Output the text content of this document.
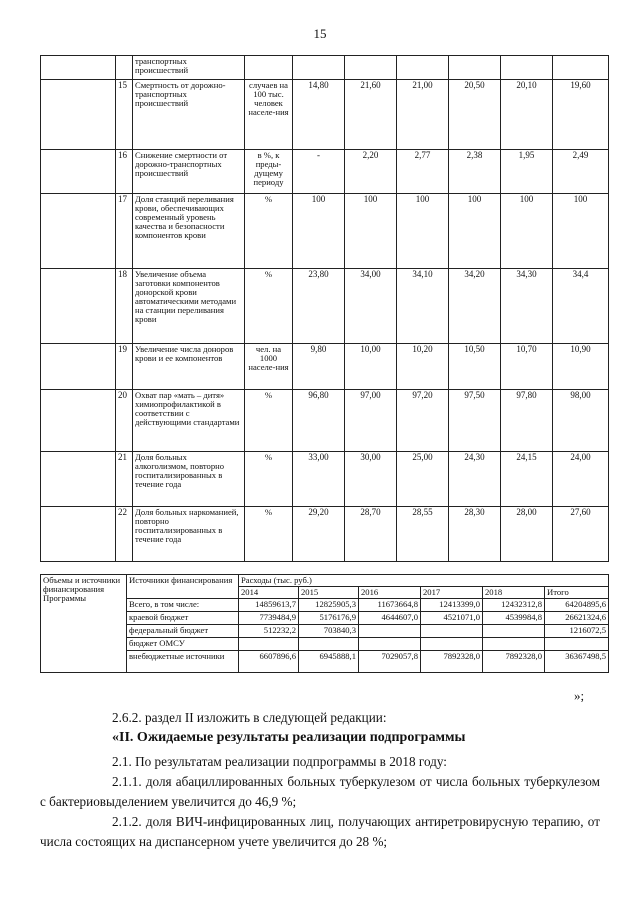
15
		транспортных происшествий							
	15	Смертность от дорожно-транспортных происшествий	случаев на 100 тыс. человек населе-ния	14,80	21,60	21,00	20,50	20,10	19,60
	16	Снижение смертности от дорожно-транспортных происшествий	в %, к преды-дущему периоду	-	2,20	2,77	2,38	1,95	2,49
	17	Доля станций переливания крови, обеспечивающих современный уровень качества и безопасности компонентов крови	%	100	100	100	100	100	100
	18	Увеличение объема заготовки компонентов донорской крови автоматическими методами на станции переливания крови	%	23,80	34,00	34,10	34,20	34,30	34,4
	19	Увеличение числа доноров крови и ее компонентов	чел. на 1000 населе-ния	9,80	10,00	10,20	10,50	10,70	10,90
	20	Охват пар «мать – дитя» химиопрофилактикой в соответствии с действующими стандартами	%	96,80	97,00	97,20	97,50	97,80	98,00
	21	Доля больных алкоголизмом, повторно госпитализированных в течение года	%	33,00	30,00	25,00	24,30	24,15	24,00
	22	Доля больных наркоманией, повторно госпитализированных в течение года	%	29,20	28,70	28,55	28,30	28,00	27,60
Объемы и источники финансирования Программы	Источники финансирования	Расходы (тыс. руб.)					
		2014	2015	2016	2017	2018	Итого
	Всего, в том числе:	14859613,7	12825905,3	11673664,8	12413399,0	12432312,8	64204895,6
	краевой бюджет	7739484,9	5176176,9	4644607,0	4521071,0	4539984,8	26621324,6
	федеральный бюджет	512232,2	703840,3				1216072,5
	бюджет ОМСУ						
	внебюджетные источники	6607896,6	6945888,1	7029057,8	7892328,0	7892328,0	36367498,5
»;
2.6.2. раздел II изложить в следующей редакции:
«II. Ожидаемые результаты реализации подпрограммы
2.1. По результатам реализации подпрограммы в 2018 году:
2.1.1. доля абациллированных больных туберкулезом от числа больных туберкулезом с бактериовыделением увеличится до 46,9 %;
2.1.2. доля ВИЧ-инфицированных лиц, получающих антиретровирусную терапию, от числа состоящих на диспансерном учете увеличится до 28 %;
